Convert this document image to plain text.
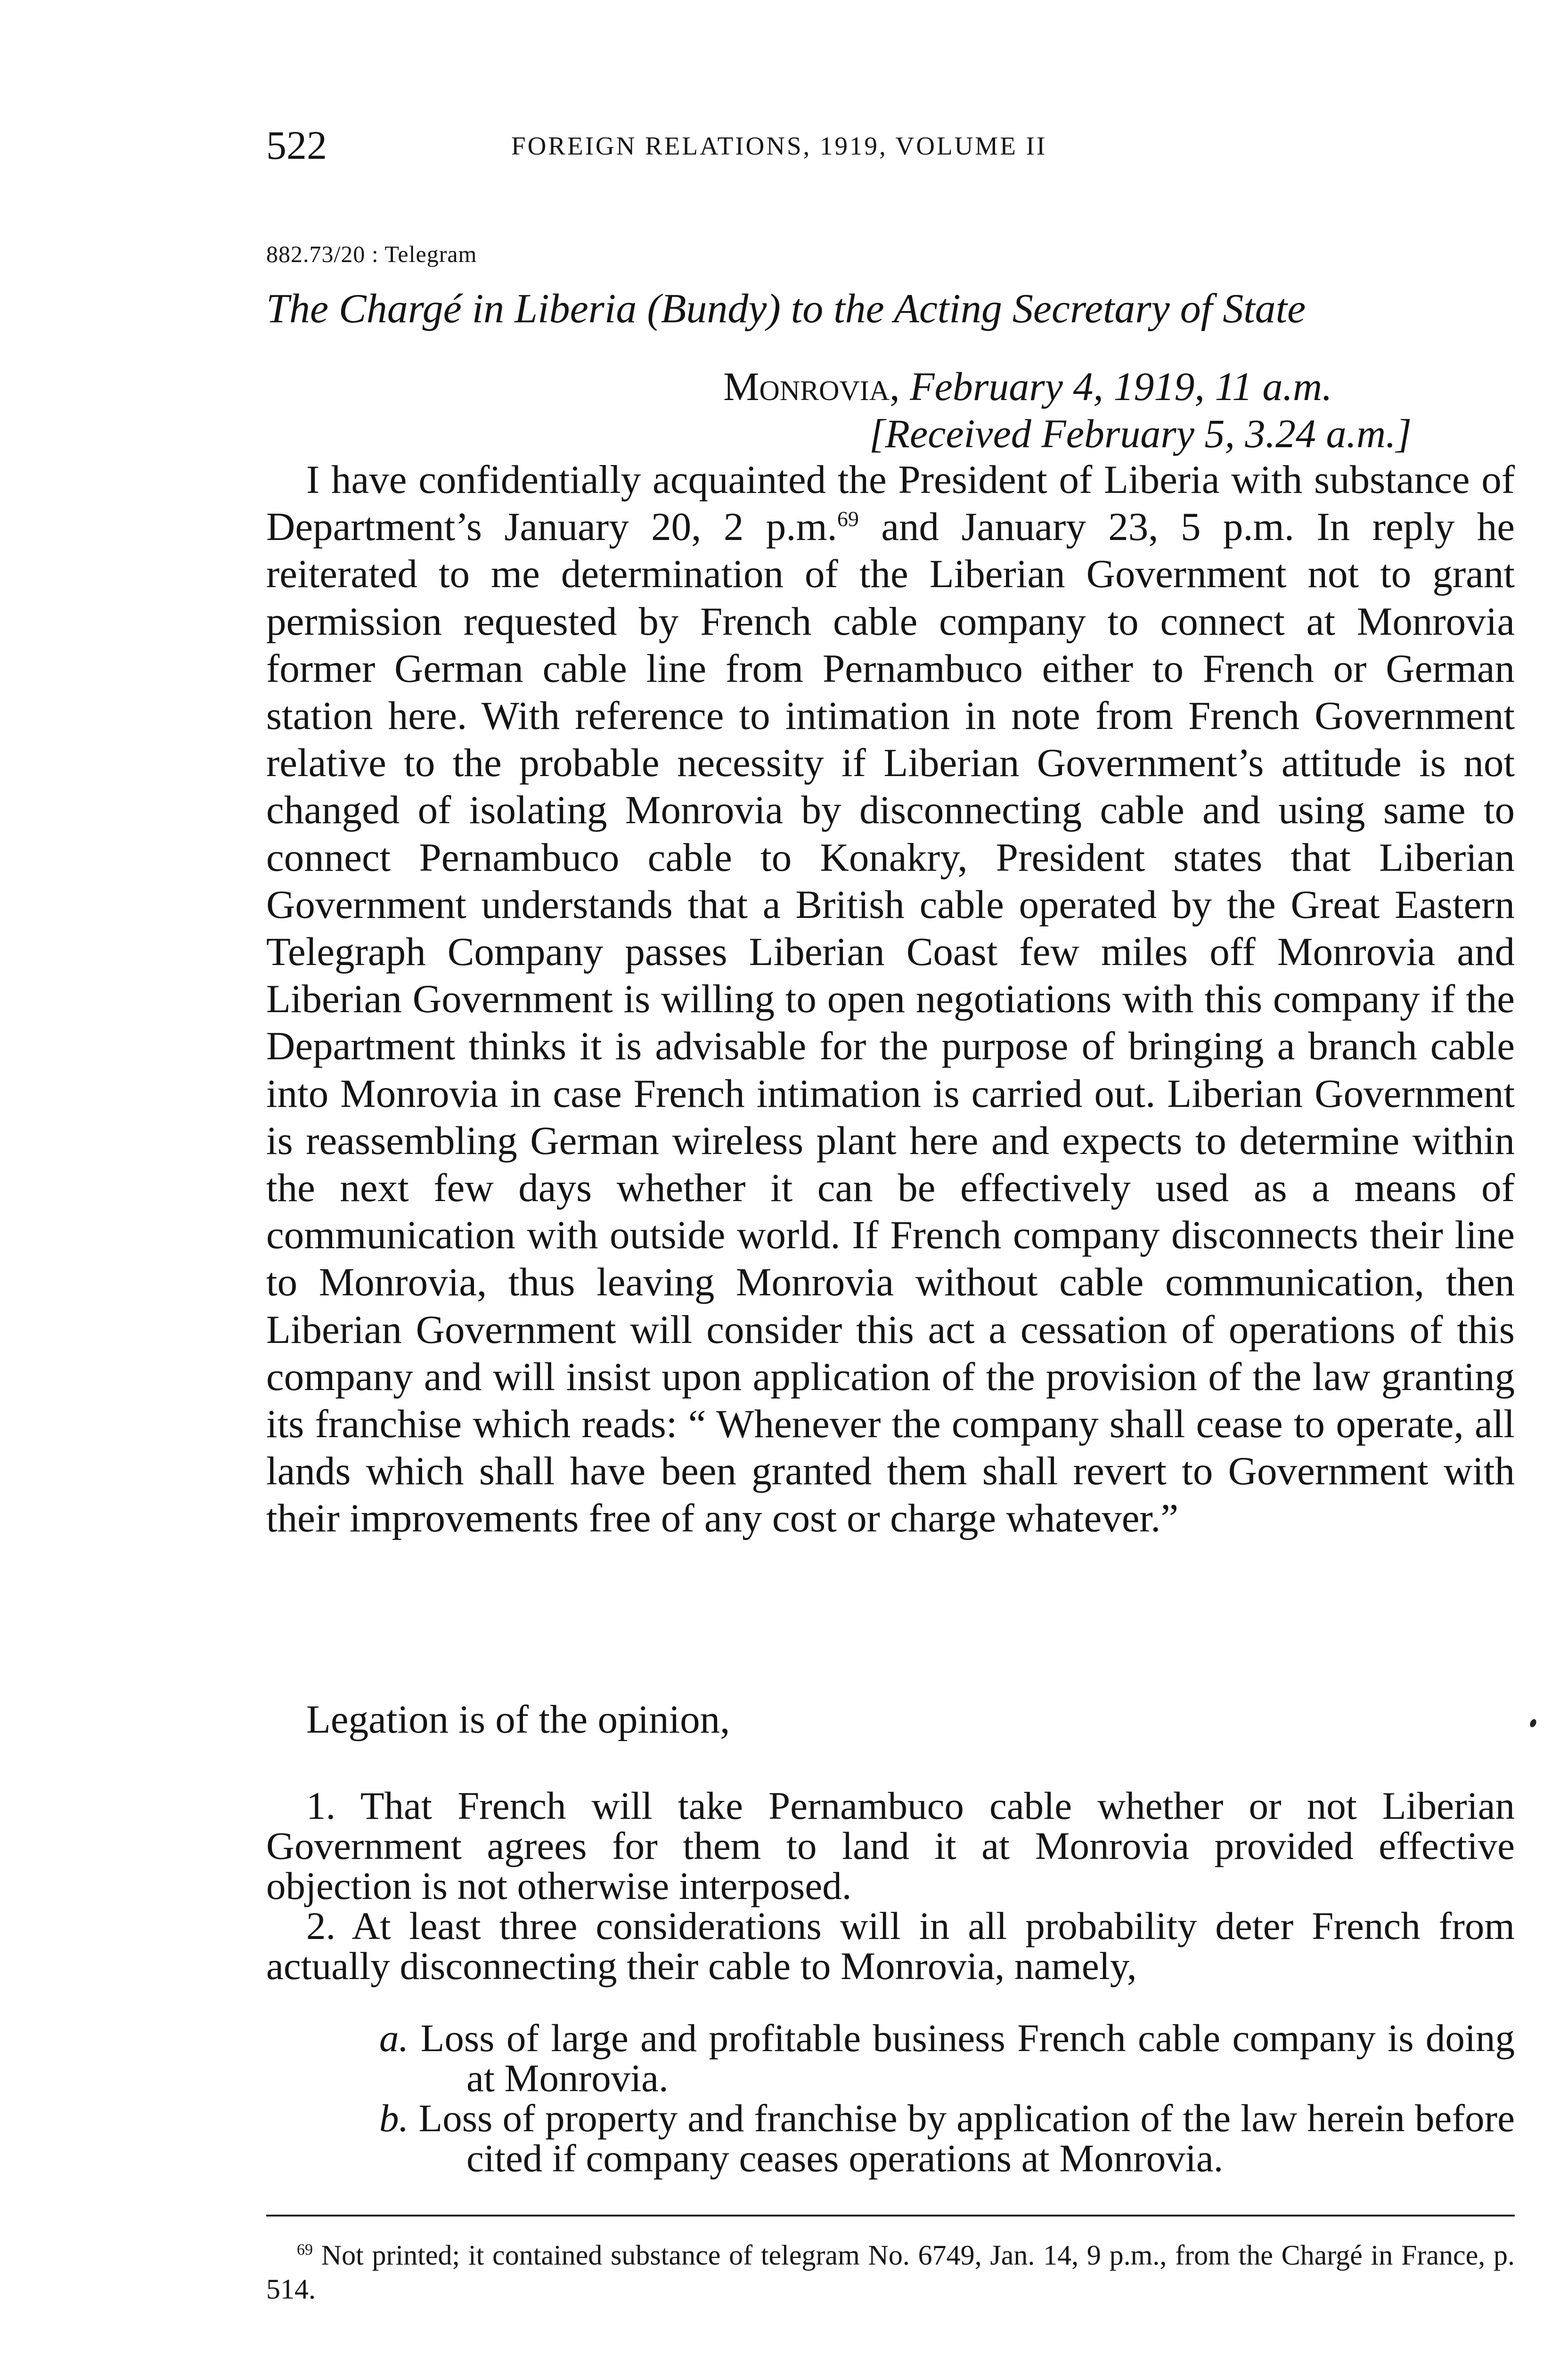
522	FOREIGN RELATIONS, 1919, VOLUME II
882.73/20 : Telegram
The Chargé in Liberia (Bundy) to the Acting Secretary of State
Monrovia, February 4, 1919, 11 a.m.
[Received February 5, 3.24 a.m.]

I have confidentially acquainted the President of Liberia with substance of Department’s January 20, 2 p.m.$^{69}$ and January 23, 5 p.m. In reply he reiterated to me determination of the Liberian Government not to grant permission requested by French cable company to connect at Monrovia former German cable line from Pernambuco either to French or German station here. With reference to intimation in note from French Government relative to the probable necessity if Liberian Government’s attitude is not changed of isolating Monrovia by disconnecting cable and using same to connect Pernambuco cable to Konakry, President states that Liberian Government understands that a British cable operated by the Great Eastern Telegraph Company passes Liberian Coast few miles off Monrovia and Liberian Government is willing to open negotiations with this company if the Department thinks it is advisable for the purpose of bringing a branch cable into Monrovia in case French intimation is carried out. Liberian Government is reassembling German wireless plant here and expects to determine within the next few days whether it can be effectively used as a means of communication with outside world. If French company disconnects their line to Monrovia, thus leaving Monrovia without cable communication, then Liberian Government will consider this act a cessation of operations of this company and will insist upon application of the provision of the law granting its franchise which reads: “ Whenever the company shall cease to operate, all lands which shall have been granted them shall revert to Government with their improvements free of any cost or charge whatever.”

Legation is of the opinion,

1. That French will take Pernambuco cable whether or not Liberian Government agrees for them to land it at Monrovia provided effective objection is not otherwise interposed.

2. At least three considerations will in all probability deter French from actually disconnecting their cable to Monrovia, namely,

a. Loss of large and profitable business French cable company is doing at Monrovia.

b. Loss of property and franchise by application of the law herein before cited if company ceases operations at Monrovia.

$^{69}$ Not printed; it contained substance of telegram No. 6749, Jan. 14, 9 p.m., from the Chargé in France, p. 514.
